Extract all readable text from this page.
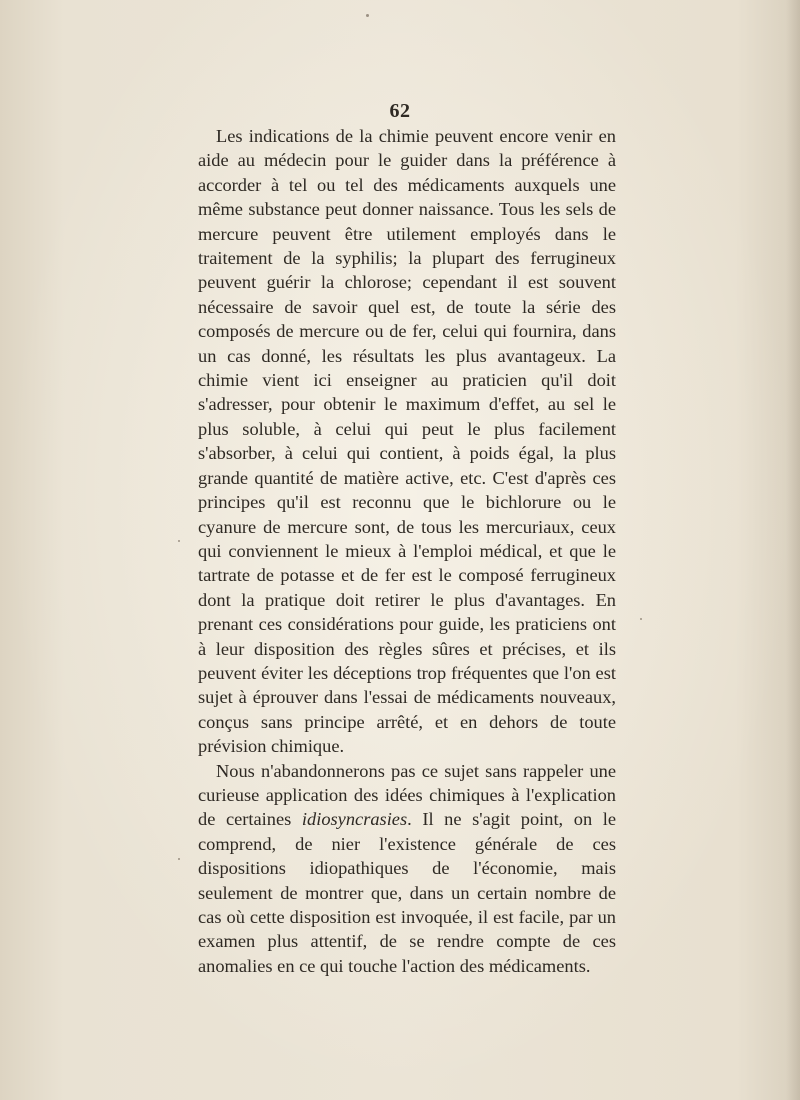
62

Les indications de la chimie peuvent encore venir en aide au médecin pour le guider dans la préférence à accorder à tel ou tel des médicaments auxquels une même substance peut donner naissance. Tous les sels de mercure peuvent être utilement employés dans le traitement de la syphilis; la plupart des ferrugineux peuvent guérir la chlorose; cependant il est souvent nécessaire de savoir quel est, de toute la série des composés de mercure ou de fer, celui qui fournira, dans un cas donné, les résultats les plus avantageux. La chimie vient ici enseigner au praticien qu'il doit s'adresser, pour obtenir le maximum d'effet, au sel le plus soluble, à celui qui peut le plus facilement s'absorber, à celui qui contient, à poids égal, la plus grande quantité de matière active, etc. C'est d'après ces principes qu'il est reconnu que le bichlorure ou le cyanure de mercure sont, de tous les mercuriaux, ceux qui conviennent le mieux à l'emploi médical, et que le tartrate de potasse et de fer est le composé ferrugineux dont la pratique doit retirer le plus d'avantages. En prenant ces considérations pour guide, les praticiens ont à leur disposition des règles sûres et précises, et ils peuvent éviter les déceptions trop fréquentes que l'on est sujet à éprouver dans l'essai de médicaments nouveaux, conçus sans principe arrêté, et en dehors de toute prévision chimique.

Nous n'abandonnerons pas ce sujet sans rappeler une curieuse application des idées chimiques à l'explication de certaines idiosyncrasies. Il ne s'agit point, on le comprend, de nier l'existence générale de ces dispositions idiopathiques de l'économie, mais seulement de montrer que, dans un certain nombre de cas où cette disposition est invoquée, il est facile, par un examen plus attentif, de se rendre compte de ces anomalies en ce qui touche l'action des médicaments.
